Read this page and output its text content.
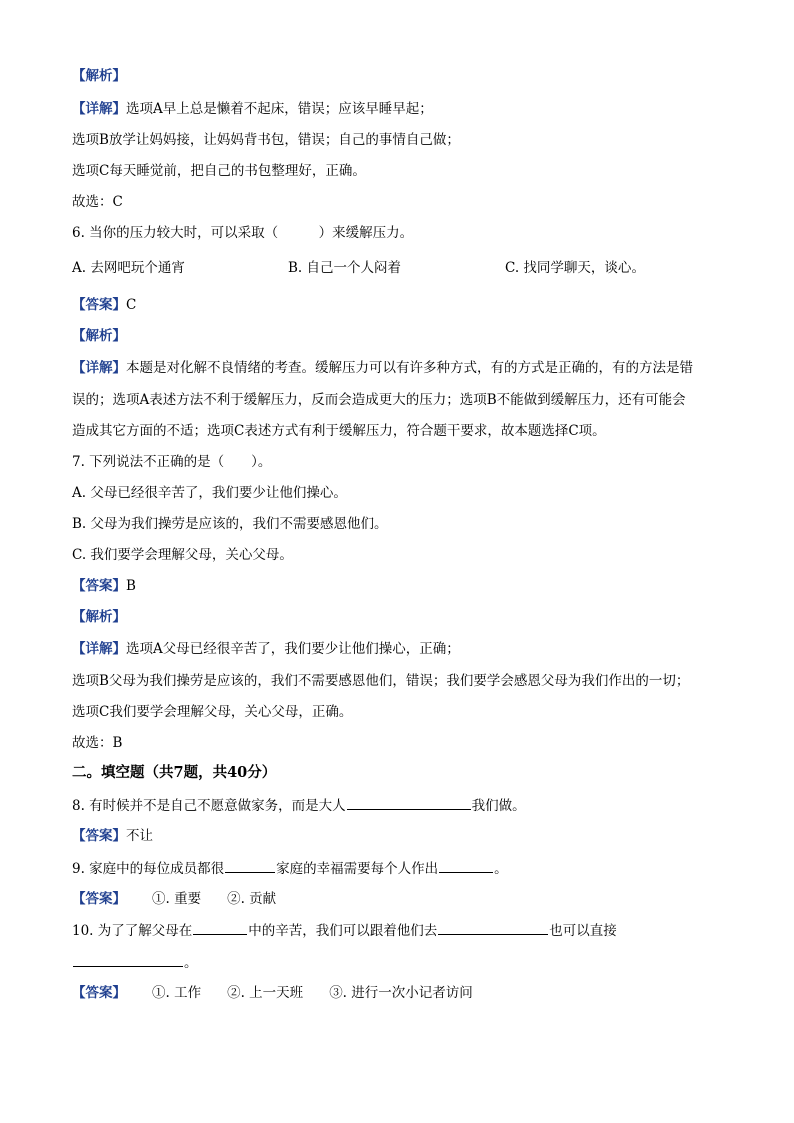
【解析】
【详解】选项A早上总是懒着不起床，错误；应该早睡早起；
选项B放学让妈妈接，让妈妈背书包，错误；自己的事情自己做；
选项C每天睡觉前，把自己的书包整理好，正确。
故选：C
6. 当你的压力较大时，可以采取（　　　）来缓解压力。
A. 去网吧玩个通宵	B. 自己一个人闷着	C. 找同学聊天，谈心。
【答案】C
【解析】
【详解】本题是对化解不良情绪的考查。缓解压力可以有许多种方式，有的方式是正确的，有的方法是错
误的；选项A表述方法不利于缓解压力，反而会造成更大的压力；选项B不能做到缓解压力，还有可能会
造成其它方面的不适；选项C表述方式有利于缓解压力，符合题干要求，故本题选择C项。
7. 下列说法不正确的是（　　）。
A. 父母已经很辛苦了，我们要少让他们操心。
B. 父母为我们操劳是应该的，我们不需要感恩他们。
C. 我们要学会理解父母，关心父母。
【答案】B
【解析】
【详解】选项A父母已经很辛苦了，我们要少让他们操心，正确；
选项B父母为我们操劳是应该的，我们不需要感恩他们，错误；我们要学会感恩父母为我们作出的一切；
选项C我们要学会理解父母，关心父母，正确。
故选：B
二。填空题（共7题，共40分）
8. 有时候并不是自己不愿意做家务，而是大人	我们做。
【答案】不让
9. 家庭中的每位成员都很	家庭的幸福需要每个人作出	。
【答案】 ①. 重要 ②. 贡献
10. 为了了解父母在	中的辛苦，我们可以跟着他们去	也可以直接
。
【答案】 ①. 工作 ②. 上一天班 ③. 进行一次小记者访问
